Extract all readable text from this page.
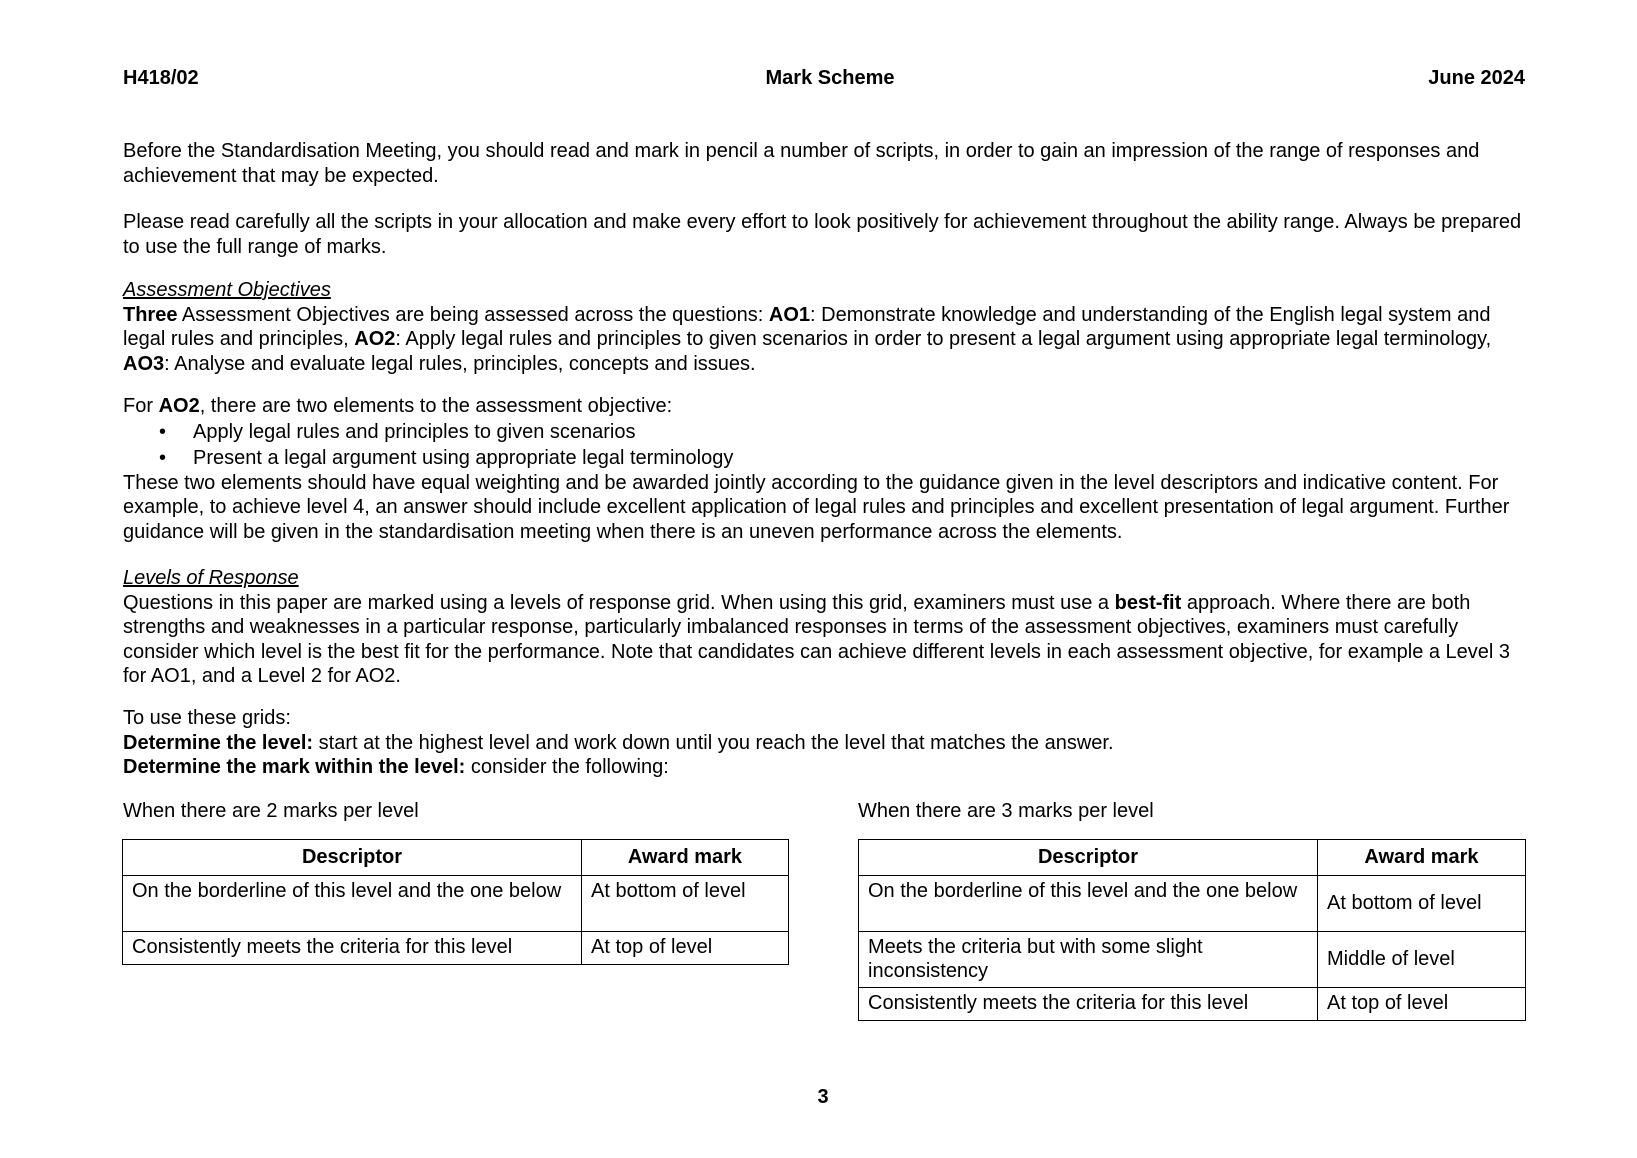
H418/02	Mark Scheme	June 2024

Before the Standardisation Meeting, you should read and mark in pencil a number of scripts, in order to gain an impression of the range of responses and achievement that may be expected.

Please read carefully all the scripts in your allocation and make every effort to look positively for achievement throughout the ability range. Always be prepared to use the full range of marks.

Assessment Objectives

Three Assessment Objectives are being assessed across the questions: AO1: Demonstrate knowledge and understanding of the English legal system and legal rules and principles, AO2: Apply legal rules and principles to given scenarios in order to present a legal argument using appropriate legal terminology, AO3: Analyse and evaluate legal rules, principles, concepts and issues.

For AO2, there are two elements to the assessment objective:

• Apply legal rules and principles to given scenarios
• Present a legal argument using appropriate legal terminology

These two elements should have equal weighting and be awarded jointly according to the guidance given in the level descriptors and indicative content. For example, to achieve level 4, an answer should include excellent application of legal rules and principles and excellent presentation of legal argument. Further guidance will be given in the standardisation meeting when there is an uneven performance across the elements.

Levels of Response

Questions in this paper are marked using a levels of response grid. When using this grid, examiners must use a best-fit approach. Where there are both strengths and weaknesses in a particular response, particularly imbalanced responses in terms of the assessment objectives, examiners must carefully consider which level is the best fit for the performance. Note that candidates can achieve different levels in each assessment objective, for example a Level 3 for AO1, and a Level 2 for AO2.

To use these grids:

Determine the level: start at the highest level and work down until you reach the level that matches the answer.

Determine the mark within the level: consider the following:

When there are 2 marks per level

Descriptor	Award mark
On the borderline of this level and the one below	At bottom of level
Consistently meets the criteria for this level	At top of level

When there are 3 marks per level

Descriptor	Award mark
On the borderline of this level and the one below	At bottom of level
Meets the criteria but with some slight inconsistency	Middle of level
Consistently meets the criteria for this level	At top of level
3
